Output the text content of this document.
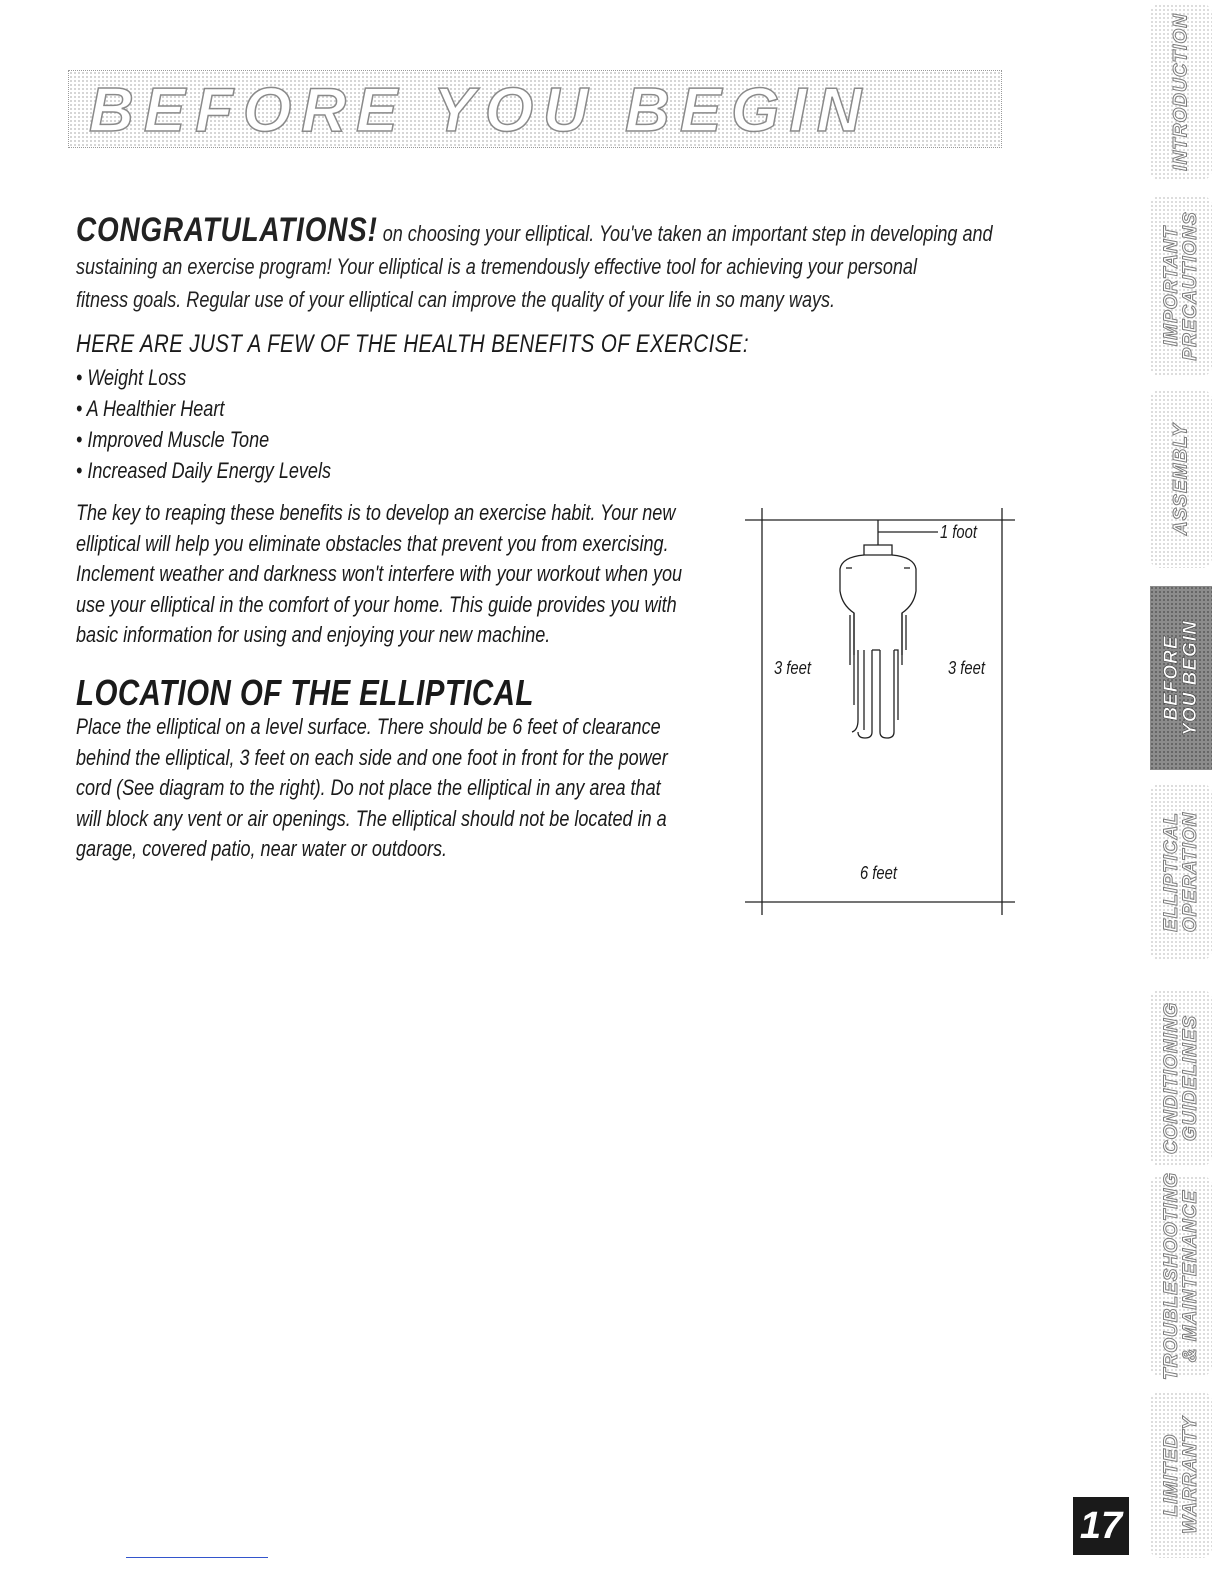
BEFORE YOU BEGIN
CONGRATULATIONS! on choosing your elliptical. You've taken an important step in developing and
sustaining an exercise program! Your elliptical is a tremendously effective tool for achieving your personal
fitness goals. Regular use of your elliptical can improve the quality of your life in so many ways.
HERE ARE JUST A FEW OF THE HEALTH BENEFITS OF EXERCISE:
• Weight Loss
• A Healthier Heart
• Improved Muscle Tone
• Increased Daily Energy Levels
The key to reaping these benefits is to develop an exercise habit. Your new
elliptical will help you eliminate obstacles that prevent you from exercising.
Inclement weather and darkness won't interfere with your workout when you
use your elliptical in the comfort of your home. This guide provides you with
basic information for using and enjoying your new machine.
LOCATION OF THE ELLIPTICAL
Place the elliptical on a level surface. There should be 6 feet of clearance
behind the elliptical, 3 feet on each side and one foot in front for the power
cord (See diagram to the right). Do not place the elliptical in any area that
will block any vent or air openings. The elliptical should not be located in a
garage, covered patio, near water or outdoors.
1 foot
3 feet	3 feet
6 feet
INTRODUCTION
IMPORTANT
PRECAUTIONS
ASSEMBLY
BEFORE
YOU BEGIN
ELLIPTICAL
OPERATION
CONDITIONING
GUIDELINES
TROUBLESHOOTING
& MAINTENANCE
LIMITED
WARRANTY
17
